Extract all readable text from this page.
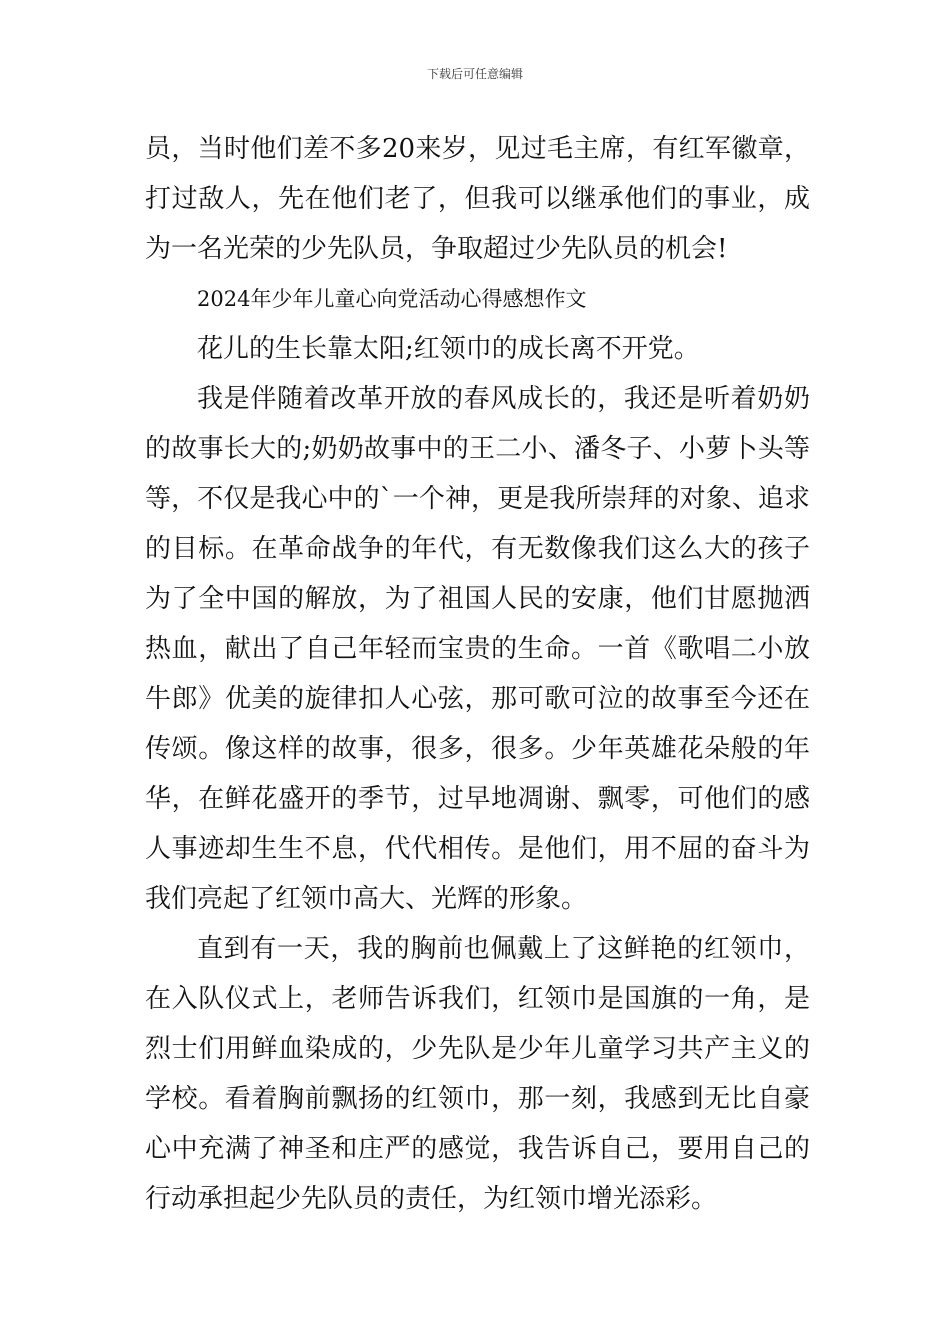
下载后可任意编辑
员，当时他们差不多20来岁，见过毛主席，有红军徽章，
打过敌人，先在他们老了，但我可以继承他们的事业，成
为一名光荣的少先队员，争取超过少先队员的机会!
2024年少年儿童心向党活动心得感想作文
花儿的生长靠太阳;红领巾的成长离不开党。
我是伴随着改革开放的春风成长的，我还是听着奶奶
的故事长大的;奶奶故事中的王二小、潘冬子、小萝卜头等
等，不仅是我心中的`一个神，更是我所崇拜的对象、追求
的目标。在革命战争的年代，有无数像我们这么大的孩子
为了全中国的解放，为了祖国人民的安康，他们甘愿抛洒
热血，献出了自己年轻而宝贵的生命。一首《歌唱二小放
牛郎》优美的旋律扣人心弦，那可歌可泣的故事至今还在
传颂。像这样的故事，很多，很多。少年英雄花朵般的年
华，在鲜花盛开的季节，过早地凋谢、飘零，可他们的感
人事迹却生生不息，代代相传。是他们，用不屈的奋斗为
我们亮起了红领巾高大、光辉的形象。
直到有一天，我的胸前也佩戴上了这鲜艳的红领巾，
在入队仪式上，老师告诉我们，红领巾是国旗的一角，是
烈士们用鲜血染成的，少先队是少年儿童学习共产主义的
学校。看着胸前飘扬的红领巾，那一刻，我感到无比自豪
心中充满了神圣和庄严的感觉，我告诉自己，要用自己的
行动承担起少先队员的责任，为红领巾增光添彩。
